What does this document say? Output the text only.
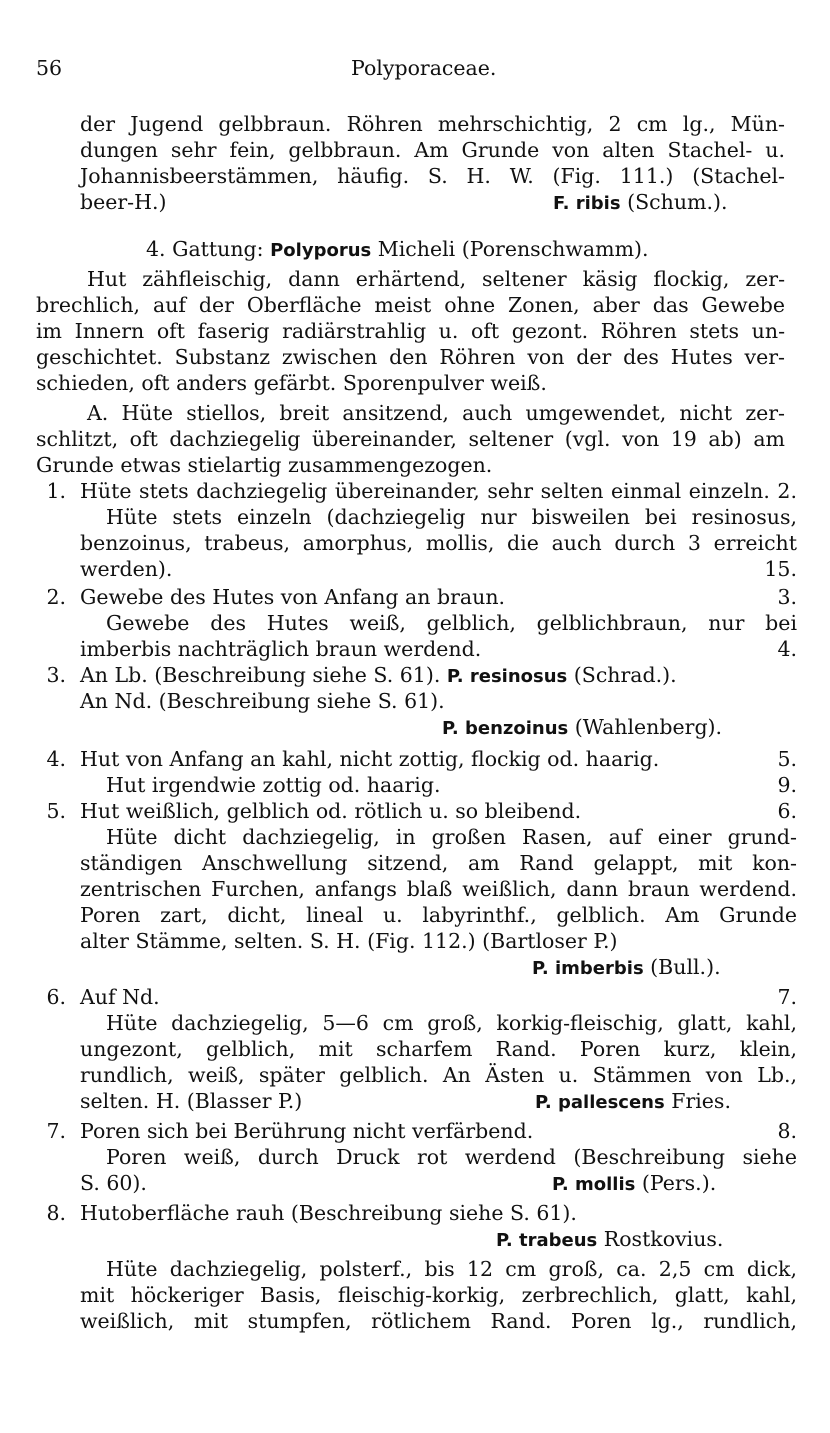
56	Polyporaceae.
der Jugend gelbbraun. Röhren mehrschichtig, 2 cm lg., Mün-
dungen sehr fein, gelbbraun. Am Grunde von alten Stachel- u.
Johannisbeerstämmen, häufig. S. H. W. (Fig. 111.) (Stachel-
beer-H.)	F. ribis (Schum.).
4. Gattung: Polyporus Micheli (Porenschwamm).
Hut zähfleischig, dann erhärtend, seltener käsig flockig, zer-
brechlich, auf der Oberfläche meist ohne Zonen, aber das Gewebe
im Innern oft faserig radiärstrahlig u. oft gezont. Röhren stets un-
geschichtet. Substanz zwischen den Röhren von der des Hutes ver-
schieden, oft anders gefärbt. Sporenpulver weiß.
A. Hüte stiellos, breit ansitzend, auch umgewendet, nicht zer-
schlitzt, oft dachziegelig übereinander, seltener (vgl. von 19 ab) am
Grunde etwas stielartig zusammengezogen.
1. Hüte stets dachziegelig übereinander, sehr selten einmal einzeln. 2.
Hüte stets einzeln (dachziegelig nur bisweilen bei resinosus,
benzoinus, trabeus, amorphus, mollis, die auch durch 3 erreicht
werden).	15.
2. Gewebe des Hutes von Anfang an braun.	3.
Gewebe des Hutes weiß, gelblich, gelblichbraun, nur bei
imberbis nachträglich braun werdend.	4.
3. An Lb. (Beschreibung siehe S. 61). P. resinosus (Schrad.).
An Nd. (Beschreibung siehe S. 61).
P. benzoinus (Wahlenberg).
4. Hut von Anfang an kahl, nicht zottig, flockig od. haarig.	5.
Hut irgendwie zottig od. haarig.	9.
5. Hut weißlich, gelblich od. rötlich u. so bleibend.	6.
Hüte dicht dachziegelig, in großen Rasen, auf einer grund-
ständigen Anschwellung sitzend, am Rand gelappt, mit kon-
zentrischen Furchen, anfangs blaß weißlich, dann braun werdend.
Poren zart, dicht, lineal u. labyrinthf., gelblich. Am Grunde
alter Stämme, selten. S. H. (Fig. 112.) (Bartloser P.)
P. imberbis (Bull.).
6. Auf Nd.	7.
Hüte dachziegelig, 5—6 cm groß, korkig-fleischig, glatt, kahl,
ungezont, gelblich, mit scharfem Rand. Poren kurz, klein,
rundlich, weiß, später gelblich. An Ästen u. Stämmen von Lb.,
selten. H. (Blasser P.)	P. pallescens Fries.
7. Poren sich bei Berührung nicht verfärbend.	8.
Poren weiß, durch Druck rot werdend (Beschreibung siehe
S. 60).	P. mollis (Pers.).
8. Hutoberfläche rauh (Beschreibung siehe S. 61).
P. trabeus Rostkovius.
Hüte dachziegelig, polsterf., bis 12 cm groß, ca. 2,5 cm dick,
mit höckeriger Basis, fleischig-korkig, zerbrechlich, glatt, kahl,
weißlich, mit stumpfen, rötlichem Rand. Poren lg., rundlich,
